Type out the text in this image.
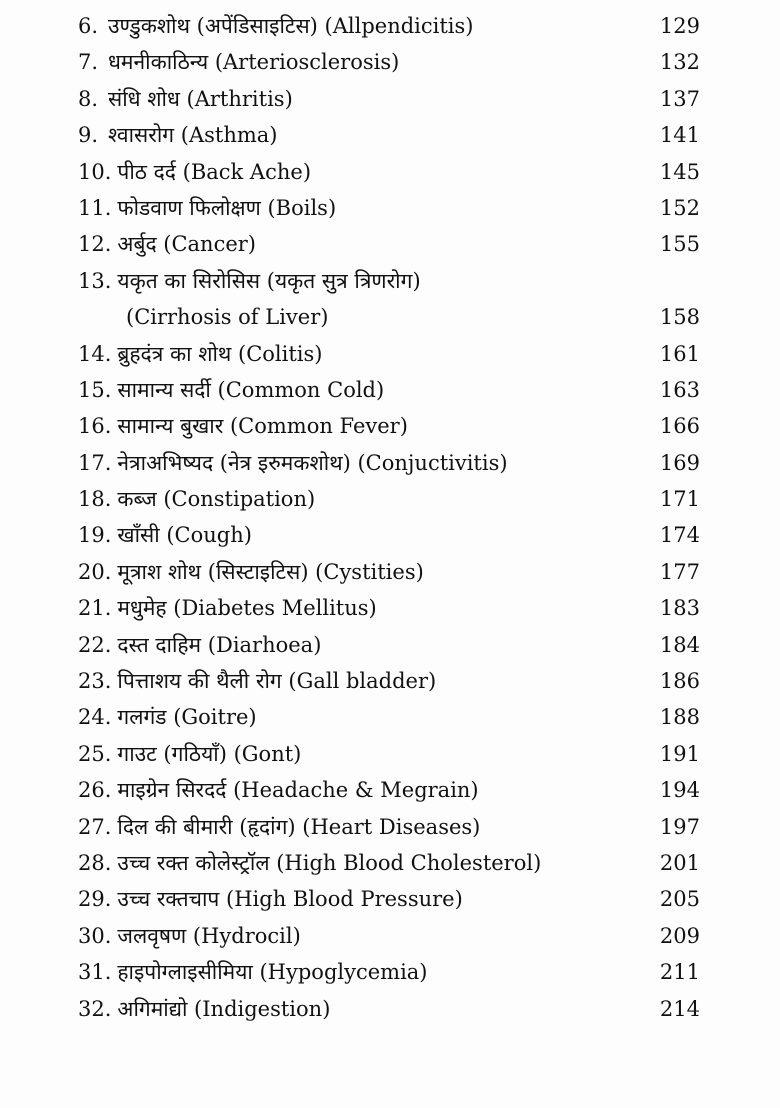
6. उण्डुकशोथ (अपेंडिसाइटिस) (Allpendicitis)	129
7. धमनीकाठिन्य (Arteriosclerosis)	132
8. संधि शोध (Arthritis)	137
9. श्वासरोग (Asthma)	141
10. पीठ दर्द (Back Ache)	145
11. फोडवाण फिलोक्षण (Boils)	152
12. अर्बुद (Cancer)	155
13. यकृत का सिरोसिस (यकृत सुत्र त्रिणरोग)
(Cirrhosis of Liver)	158
14. ब्रुहदंत्र का शोथ (Colitis)	161
15. सामान्य सर्दी (Common Cold)	163
16. सामान्य बुखार (Common Fever)	166
17. नेत्राअभिष्यद (नेत्र इरुमकशोथ) (Conjuctivitis)	169
18. कब्ज (Constipation)	171
19. खाँसी (Cough)	174
20. मूत्राश शोथ (सिस्टाइटिस) (Cystities)	177
21. मधुमेह (Diabetes Mellitus)	183
22. दस्त दाहिम (Diarhoea)	184
23. पित्ताशय की थैली रोग (Gall bladder)	186
24. गलगंड (Goitre)	188
25. गाउट (गठियाँ) (Gont)	191
26. माइग्रेन सिरदर्द (Headache & Megrain)	194
27. दिल की बीमारी (हृदांग) (Heart Diseases)	197
28. उच्च रक्त कोलेस्ट्रॉल (High Blood Cholesterol)	201
29. उच्च रक्तचाप (High Blood Pressure)	205
30. जलवृषण (Hydrocil)	209
31. हाइपोग्लाइसीमिया (Hypoglycemia)	211
32. अगिमांद्यो (Indigestion)	214
